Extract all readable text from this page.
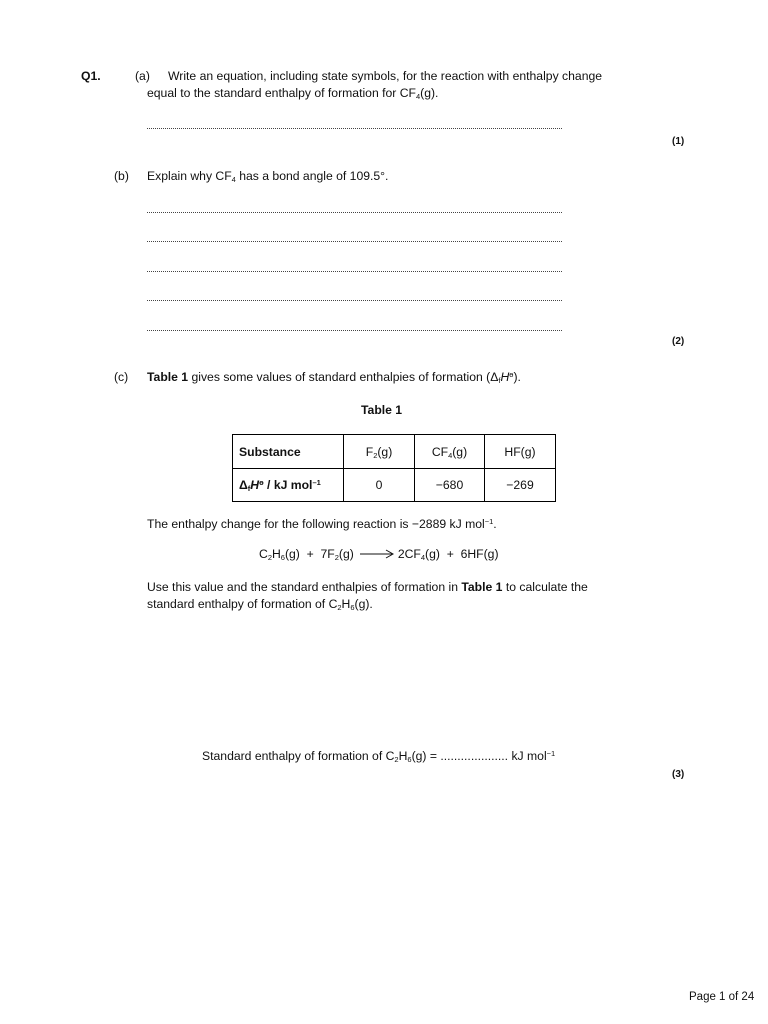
Q1.	(a) Write an equation, including state symbols, for the reaction with enthalpy change
equal to the standard enthalpy of formation for $CF_4(g)$.
(1)
(b) Explain why $CF_4$ has a bond angle of 109.5°.
(2)
(c) Table 1 gives some values of standard enthalpies of formation $(\Delta_fH^ө)$.
Table 1
Substance	$F_2(g)$	$CF_4(g)$	HF(g)
$\Delta_fH^ө$ / kJ mol$^{-1}$	0	−680	−269
The enthalpy change for the following reaction is −2889 kJ mol$^{-1}$.
$C_2H_6(g) + 7F_2(g) \to 2CF_4(g) + 6HF(g)$
Use this value and the standard enthalpies of formation in Table 1 to calculate the
standard enthalpy of formation of $C_2H_6(g)$.
Standard enthalpy of formation of $C_2H_6(g)$ = .................... kJ mol$^{-1}$
(3)
Page 1 of 24
